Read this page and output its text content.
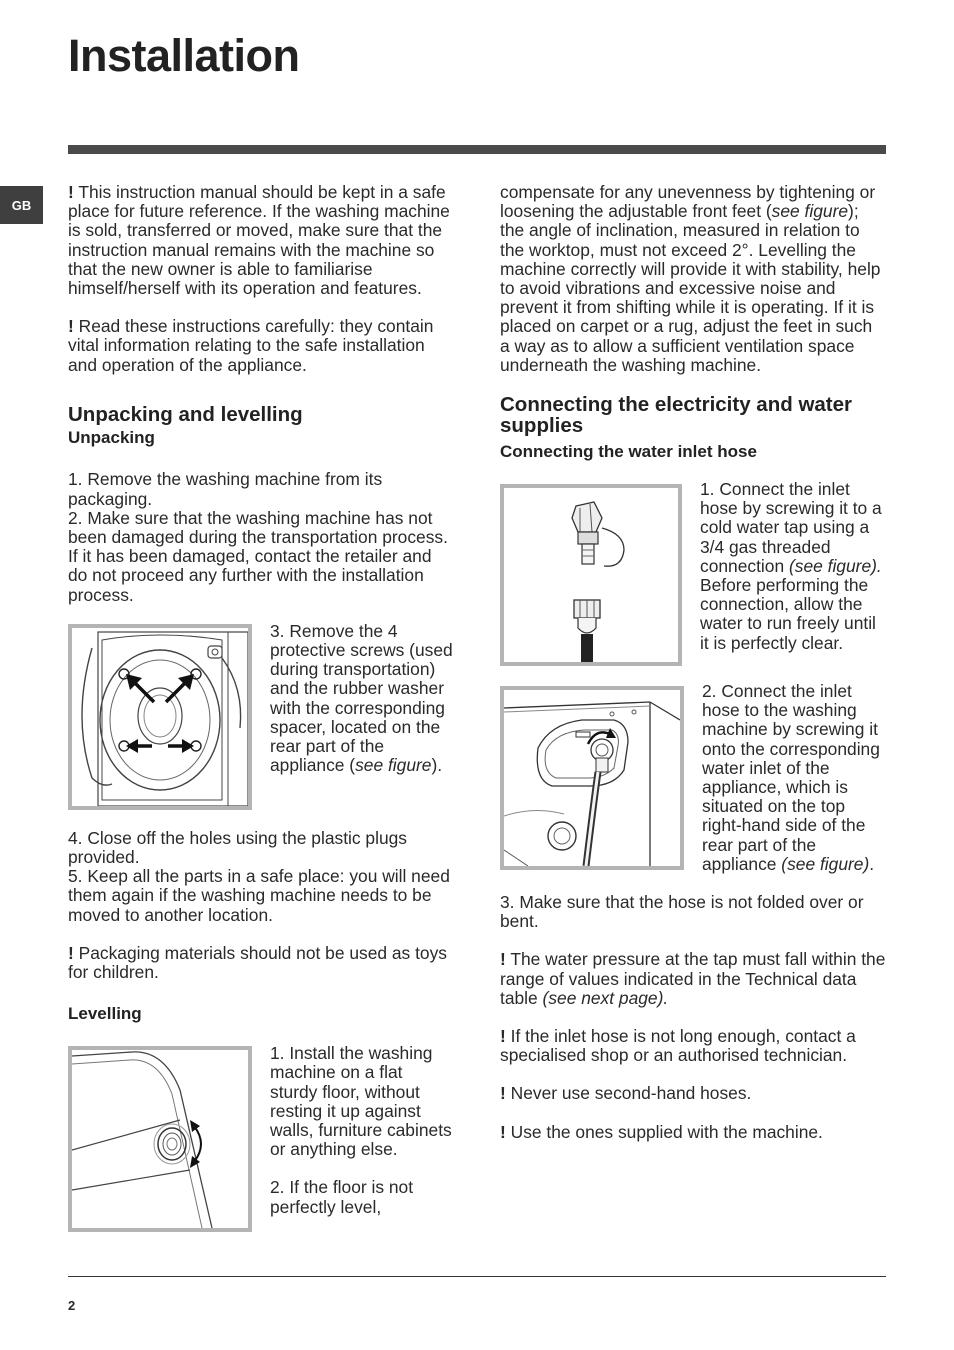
Installation
GB

! This instruction manual should be kept in a safe place for future reference. If the washing machine is sold, transferred or moved, make sure that the instruction manual remains with the machine so that the new owner is able to familiarise himself/herself with its operation and features.

! Read these instructions carefully: they contain vital information relating to the safe installation and operation of the appliance.

Unpacking and levelling
Unpacking

1. Remove the washing machine from its packaging.

2. Make sure that the washing machine has not been damaged during the transportation process. If it has been damaged, contact the retailer and do not proceed any further with the installation process.

3. Remove the 4 protective screws (used during transportation) and the rubber washer with the corresponding spacer, located on the rear part of the appliance (see figure).

4. Close off the holes using the plastic plugs provided.

5. Keep all the parts in a safe place: you will need them again if the washing machine needs to be moved to another location.

! Packaging materials should not be used as toys for children.

Levelling

1. Install the washing machine on a flat sturdy floor, without resting it up against walls, furniture cabinets or anything else.

2. If the floor is not perfectly level,

compensate for any unevenness by tightening or loosening the adjustable front feet (see figure); the angle of inclination, measured in relation to the worktop, must not exceed 2°. Levelling the machine correctly will provide it with stability, help to avoid vibrations and excessive noise and prevent it from shifting while it is operating. If it is placed on carpet or a rug, adjust the feet in such a way as to allow a sufficient ventilation space underneath the washing machine.

Connecting the electricity and water supplies
Connecting the water inlet hose
1. Connect the inlet hose by screwing it to a cold water tap using a 3/4 gas threaded connection (see figure).
Before performing the connection, allow the water to run freely until it is perfectly clear.
2. Connect the inlet hose to the washing machine by screwing it onto the corresponding water inlet of the appliance, which is situated on the top right-hand side of the rear part of the appliance (see figure).

3. Make sure that the hose is not folded over or bent.

! The water pressure at the tap must fall within the range of values indicated in the Technical data table (see next page).

! If the inlet hose is not long enough, contact a specialised shop or an authorised technician.

! Never use second-hand hoses.

! Use the ones supplied with the machine.

2
